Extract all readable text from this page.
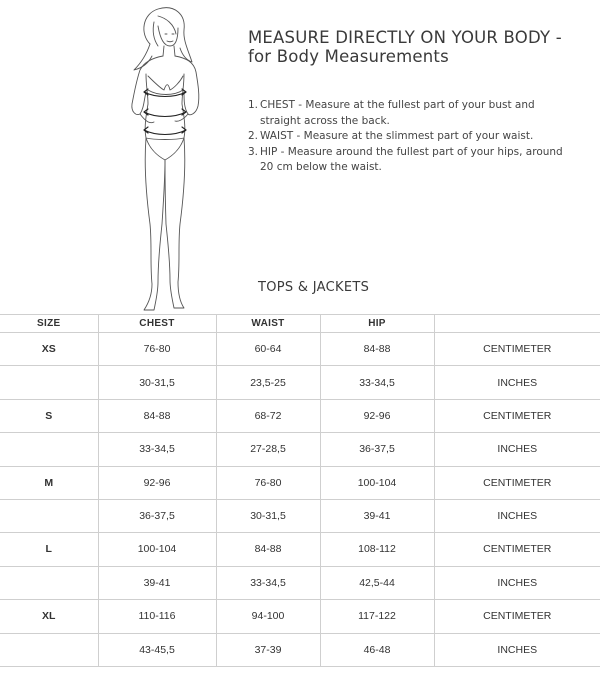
MEASURE DIRECTLY ON YOUR BODY - for Body Measurements
1. CHEST - Measure at the fullest part of your bust and straight across the back.
2. WAIST - Measure at the slimmest part of your waist.
3. HIP - Measure around the fullest part of your hips, around 20 cm below the waist.
TOPS & JACKETS
SIZE	CHEST	WAIST	HIP	
XS	76-80	60-64	84-88	CENTIMETER
	30-31,5	23,5-25	33-34,5	INCHES
S	84-88	68-72	92-96	CENTIMETER
	33-34,5	27-28,5	36-37,5	INCHES
M	92-96	76-80	100-104	CENTIMETER
	36-37,5	30-31,5	39-41	INCHES
L	100-104	84-88	108-112	CENTIMETER
	39-41	33-34,5	42,5-44	INCHES
XL	110-116	94-100	117-122	CENTIMETER
	43-45,5	37-39	46-48	INCHES
